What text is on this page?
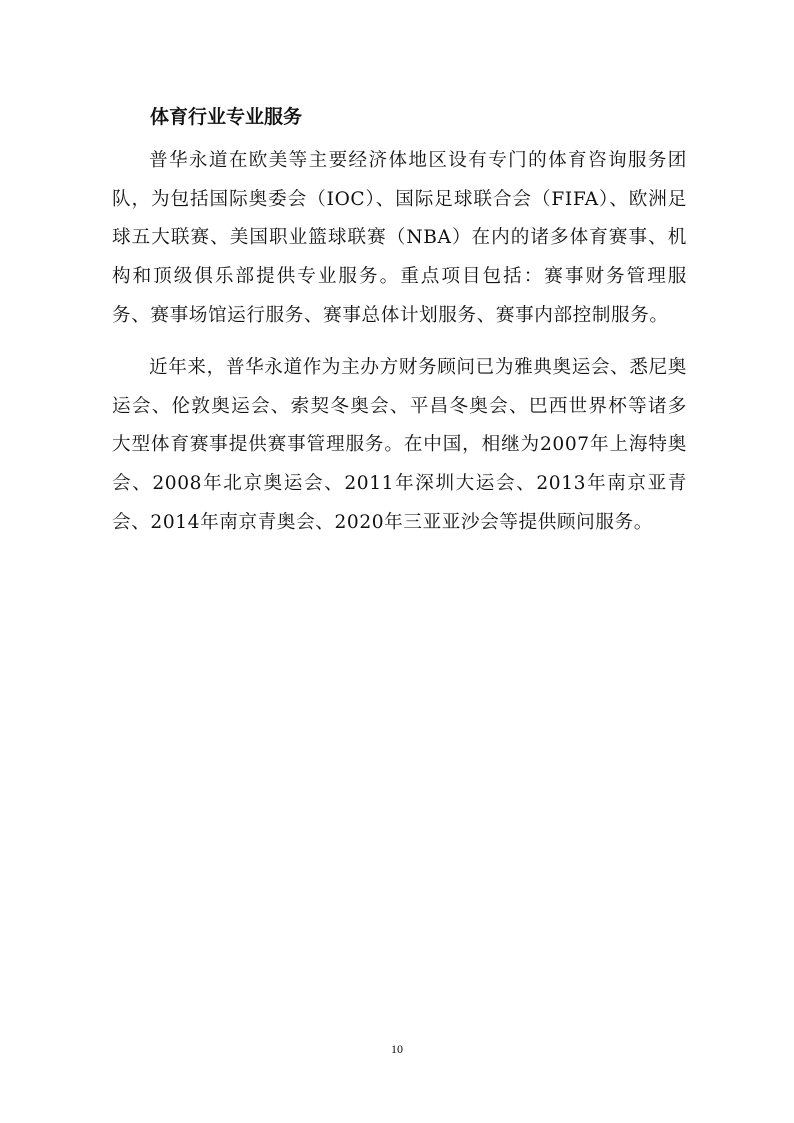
体育行业专业服务

普华永道在欧美等主要经济体地区设有专门的体育咨询服务团队，为包括国际奥委会（IOC）、国际足球联合会（FIFA）、欧洲足球五大联赛、美国职业篮球联赛（NBA）在内的诸多体育赛事、机构和顶级俱乐部提供专业服务。重点项目包括：赛事财务管理服务、赛事场馆运行服务、赛事总体计划服务、赛事内部控制服务。

近年来，普华永道作为主办方财务顾问已为雅典奥运会、悉尼奥运会、伦敦奥运会、索契冬奥会、平昌冬奥会、巴西世界杯等诸多大型体育赛事提供赛事管理服务。在中国，相继为2007年上海特奥会、2008年北京奥运会、2011年深圳大运会、2013年南京亚青会、2014年南京青奥会、2020年三亚亚沙会等提供顾问服务。

10
